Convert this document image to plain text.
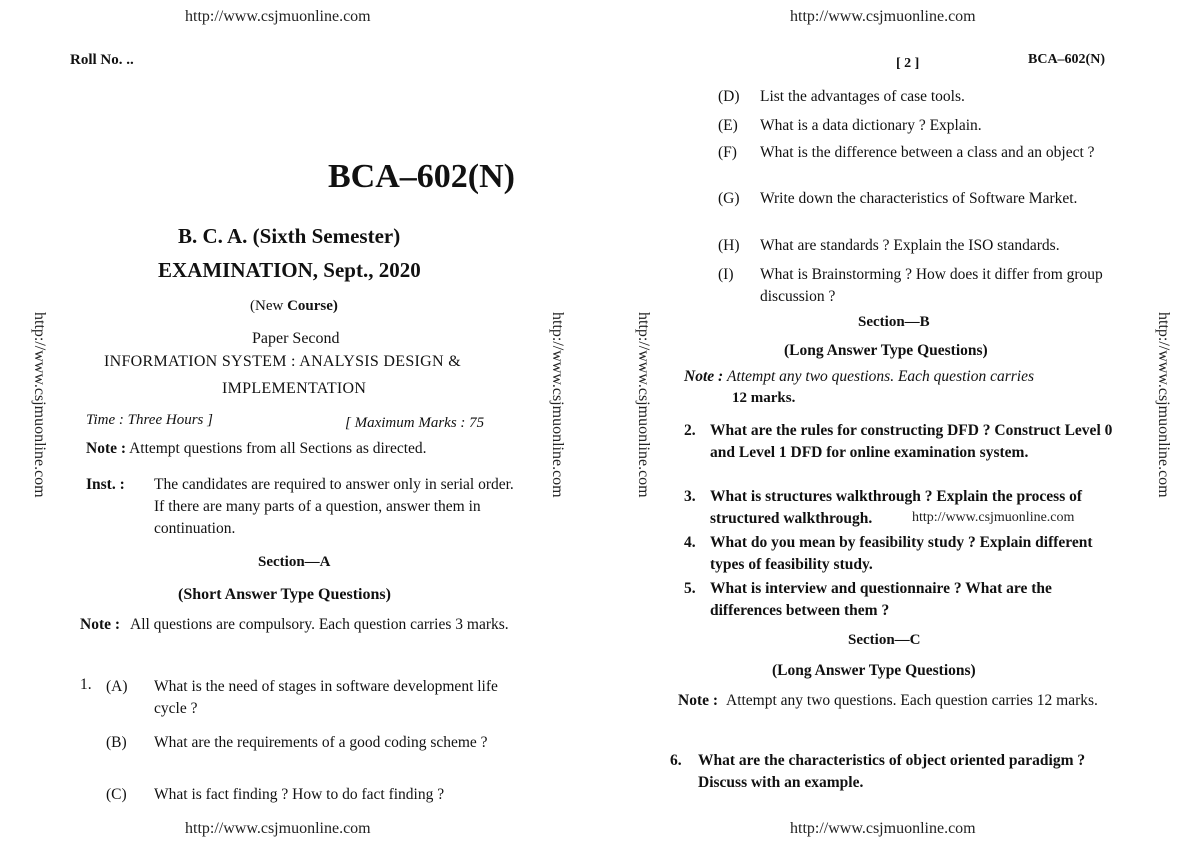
http://www.csjmuonline.com
http://www.csjmuonline.com
http://www.csjmuonline.com	http://www.csjmuonline.com
Roll No. ..
BCA–602(N)
B. C. A. (Sixth Semester)
EXAMINATION, Sept., 2020
(New Course)
Paper Second
INFORMATION SYSTEM : ANALYSIS DESIGN &
IMPLEMENTATION
Time : Three Hours ]	[ Maximum Marks : 75
Note : Attempt questions from all Sections as directed.
Inst. : The candidates are required to answer only in serial order. If there are many parts of a question, answer them in continuation.
Section—A
(Short Answer Type Questions)
Note : All questions are compulsory. Each question carries 3 marks.
1. (A) What is the need of stages in software development life cycle ?
(B) What are the requirements of a good coding scheme ?
(C) What is fact finding ? How to do fact finding ?
http://www.csjmuonline.com
http://www.csjmuonline.com
http://www.csjmuonline.com	http://www.csjmuonline.com
[ 2 ]	BCA–602(N)
(D) List the advantages of case tools.
(E) What is a data dictionary ? Explain.
(F) What is the difference between a class and an object ?
(G) Write down the characteristics of Software Market.
(H) What are standards ? Explain the ISO standards.
(I) What is Brainstorming ? How does it differ from group discussion ?
Section—B
(Long Answer Type Questions)
Note : Attempt any two questions. Each question carries
12 marks.
2. What are the rules for constructing DFD ? Construct Level 0 and Level 1 DFD for online examination system.
3. What is structures walkthrough ? Explain the process of structured walkthrough.	http://www.csjmuonline.com
4. What do you mean by feasibility study ? Explain different types of feasibility study.
5. What is interview and questionnaire ? What are the differences between them ?
Section—C
(Long Answer Type Questions)
Note : Attempt any two questions. Each question carries 12 marks.
6. What are the characteristics of object oriented paradigm ? Discuss with an example.
